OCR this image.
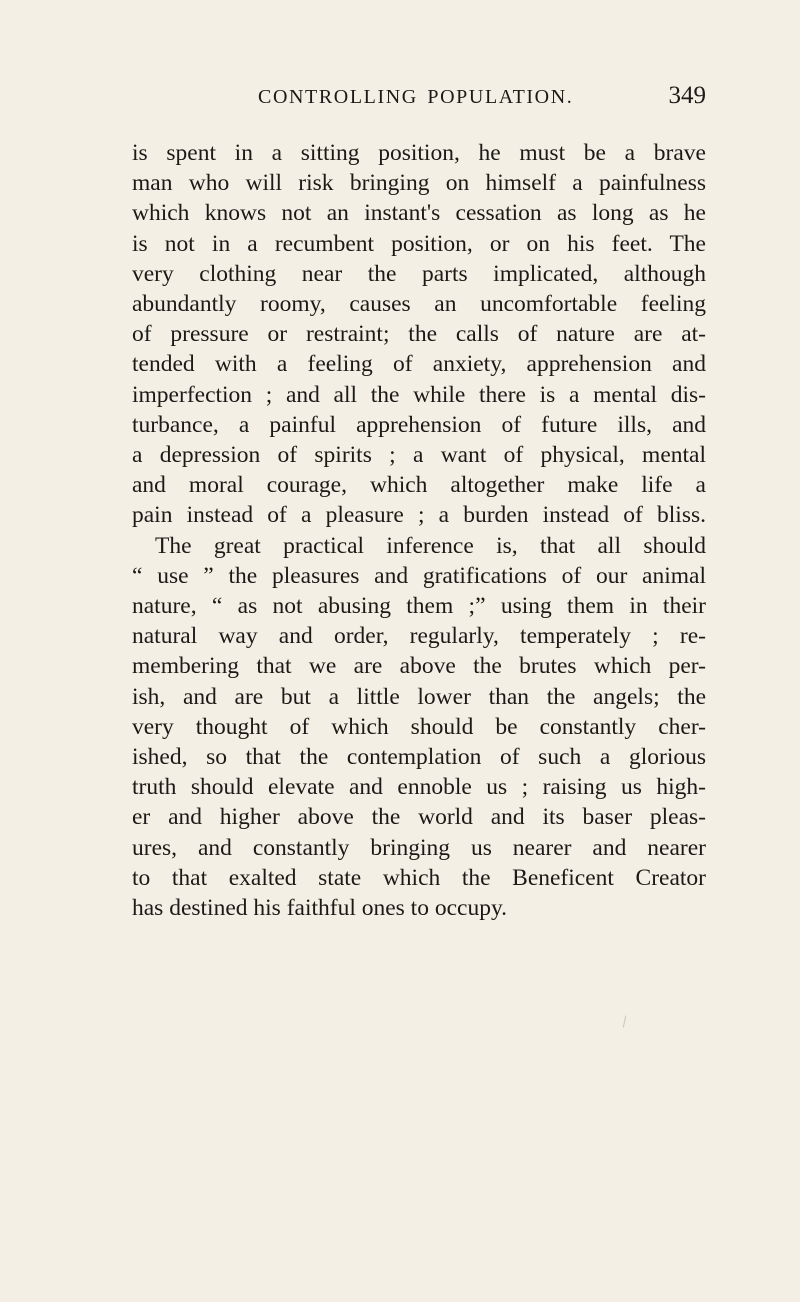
CONTROLLING POPULATION.	349
is spent in a sitting position, he must be a brave
man who will risk bringing on himself a painfulness
which knows not an instant's cessation as long as he
is not in a recumbent position, or on his feet. The
very clothing near the parts implicated, although
abundantly roomy, causes an uncomfortable feeling
of pressure or restraint; the calls of nature are at-
tended with a feeling of anxiety, apprehension and
imperfection ; and all the while there is a mental dis-
turbance, a painful apprehension of future ills, and
a depression of spirits ; a want of physical, mental
and moral courage, which altogether make life a
pain instead of a pleasure ; a burden instead of bliss.
The great practical inference is, that all should
“ use ” the pleasures and gratifications of our animal
nature, “ as not abusing them ;” using them in their
natural way and order, regularly, temperately ; re-
membering that we are above the brutes which per-
ish, and are but a little lower than the angels; the
very thought of which should be constantly cher-
ished, so that the contemplation of such a glorious
truth should elevate and ennoble us ; raising us high-
er and higher above the world and its baser pleas-
ures, and constantly bringing us nearer and nearer
to that exalted state which the Beneficent Creator
has destined his faithful ones to occupy.
